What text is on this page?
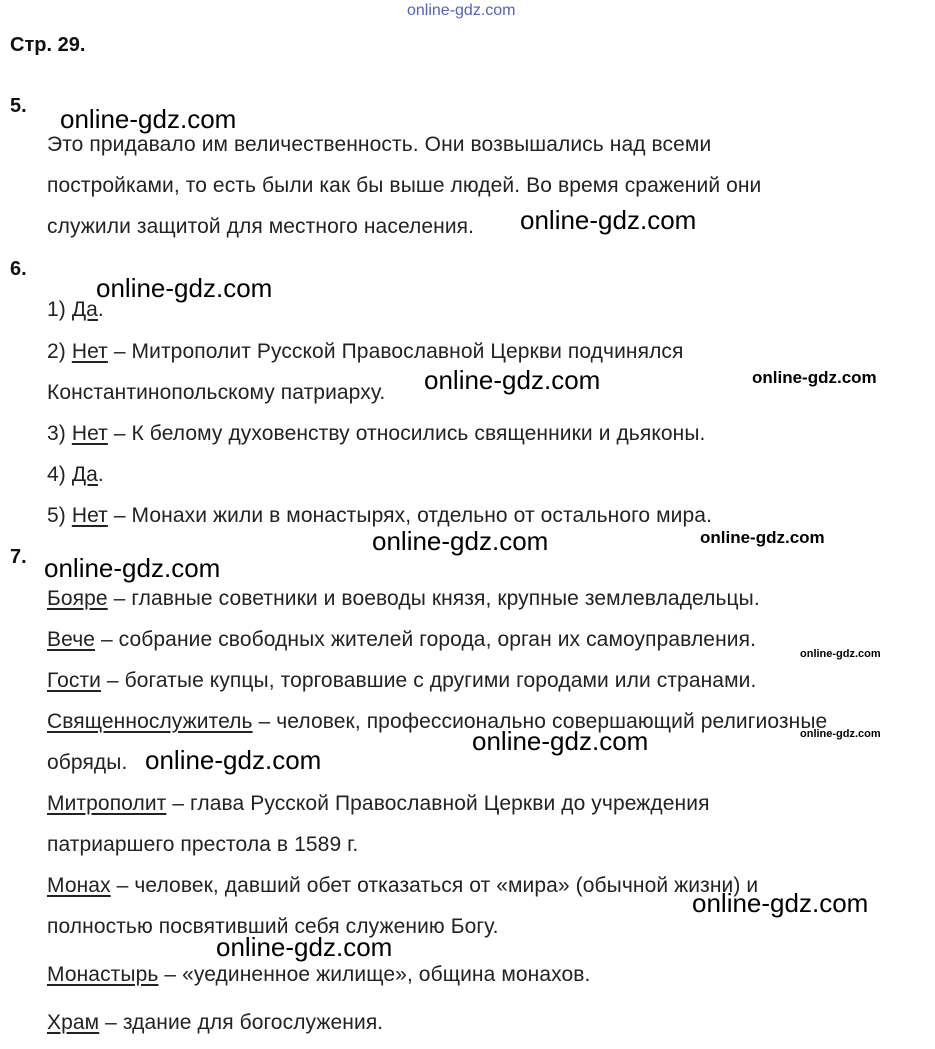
online-gdz.com
Стр. 29.
5.
Это придавало им величественность. Они возвышались над всеми
постройками, то есть были как бы выше людей. Во время сражений они
служили защитой для местного населения.
6.
1) Да.
2) Нет – Митрополит Русской Православной Церкви подчинялся
Константинопольскому патриарху.
3) Нет – К белому духовенству относились священники и дьяконы.
4) Да.
5) Нет – Монахи жили в монастырях, отдельно от остального мира.
7.
Бояре – главные советники и воеводы князя, крупные землевладельцы.
Вече – собрание свободных жителей города, орган их самоуправления.
Гости – богатые купцы, торговавшие с другими городами или странами.
Священнослужитель – человек, профессионально совершающий религиозные
обряды.
Митрополит – глава Русской Православной Церкви до учреждения
патриаршего престола в 1589 г.
Монах – человек, давший обет отказаться от «мира» (обычной жизни) и
полностью посвятивший себя служению Богу.
Монастырь – «уединенное жилище», община монахов.
Храм – здание для богослужения.
online-gdz.com
online-gdz.com
online-gdz.com
online-gdz.com	online-gdz.com
online-gdz.com	online-gdz.com
online-gdz.com
online-gdz.com
online-gdz.com
online-gdz.com
online-gdz.com
online-gdz.com
online-gdz.com
